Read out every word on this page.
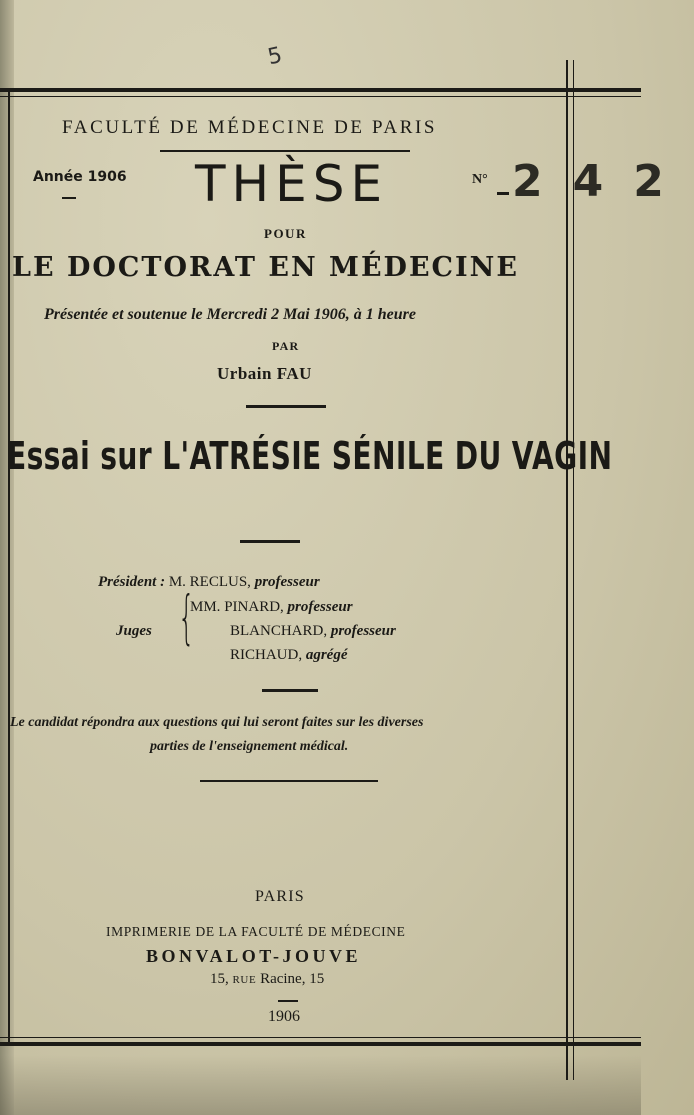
5
FACULTÉ DE MÉDECINE DE PARIS
Année 1906 THÈSE	N° 242
POUR
LE DOCTORAT EN MÉDECINE
Présentée et soutenue le Mercredi 2 Mai 1906, à 1 heure
PAR
Urbain FAU
Essai sur L'ATRÉSIE SÉNILE DU VAGIN
Président : M. RECLUS, professeur
Juges {
MM. PINARD, professeur
BLANCHARD, professeur
RICHAUD, agrégé
Le candidat répondra aux questions qui lui seront faites sur les diverses
parties de l'enseignement médical.
PARIS
IMPRIMERIE DE LA FACULTÉ DE MÉDECINE
BONVALOT-JOUVE
15, RUE Racine, 15
1906
